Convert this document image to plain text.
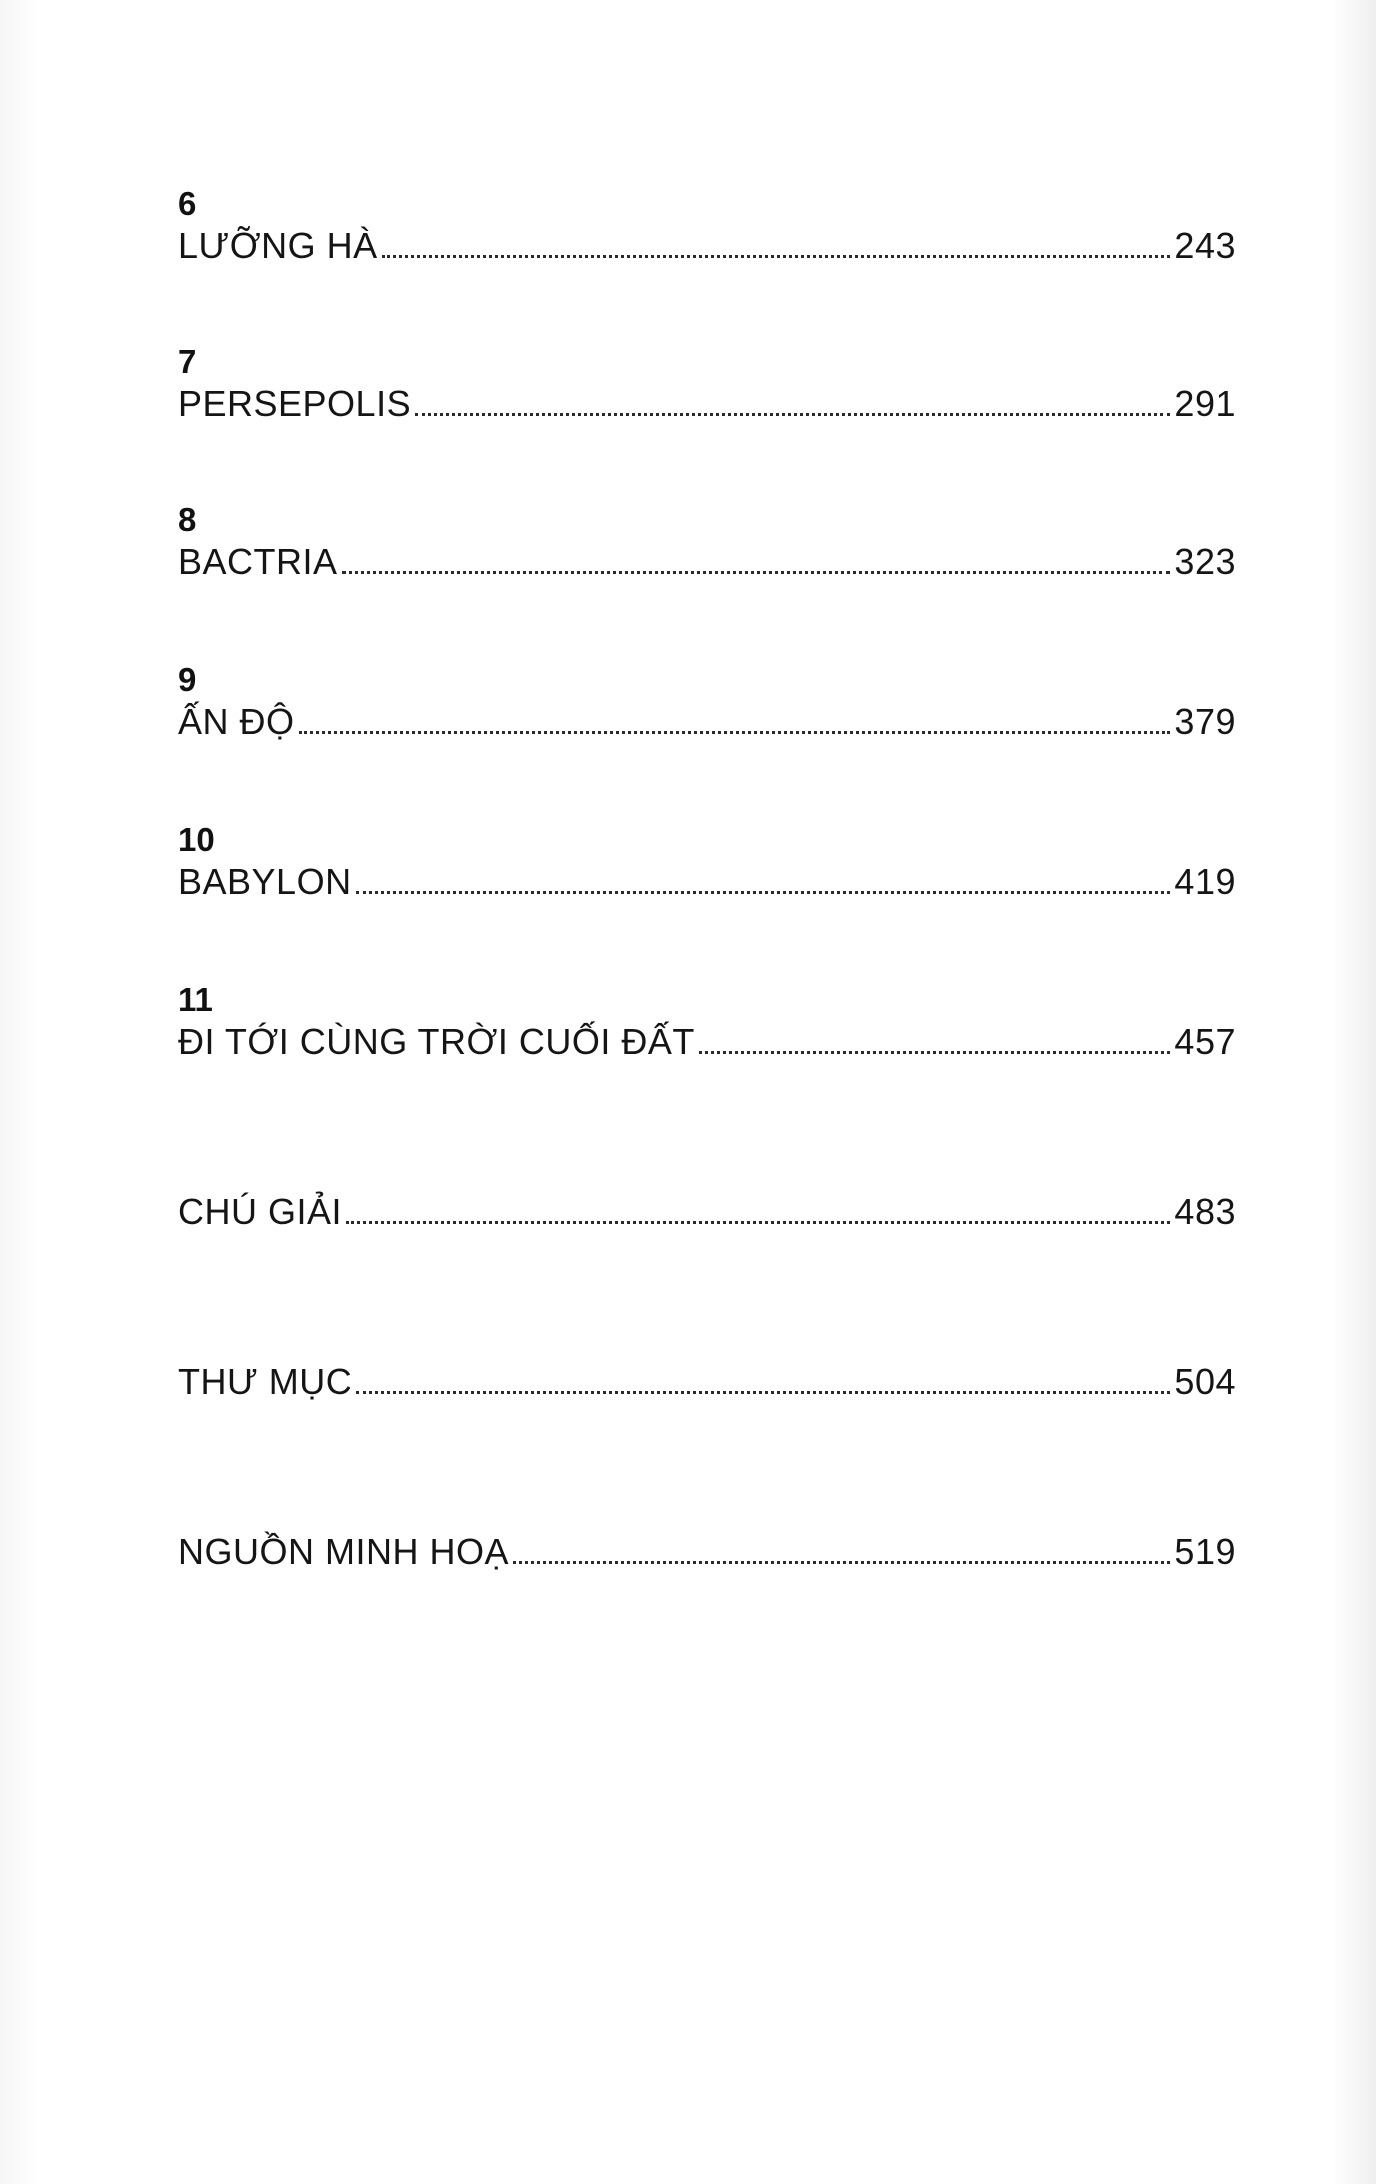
6
LƯỠNG HÀ	243
7
PERSEPOLIS	291
8
BACTRIA	323
9
ẤN ĐỘ	379
10
BABYLON	419
11
ĐI TỚI CÙNG TRỜI CUỐI ĐẤT	457
CHÚ GIẢI	483
THƯ MỤC	504
NGUỒN MINH HOẠ	519
